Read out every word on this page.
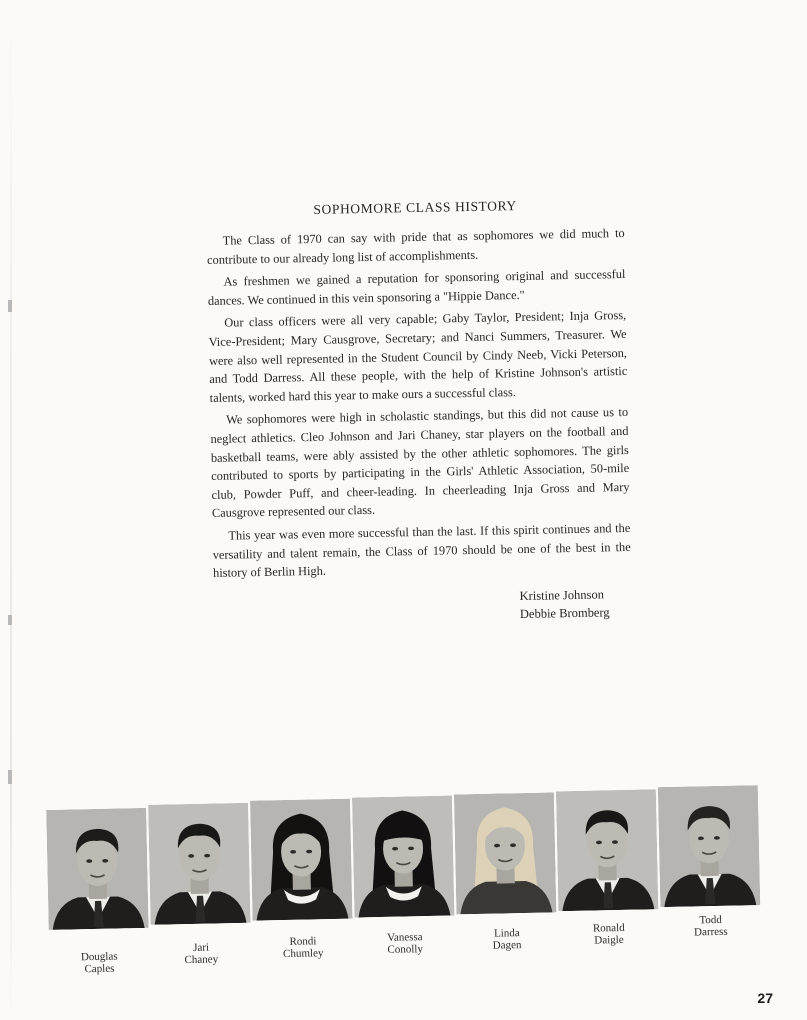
SOPHOMORE CLASS HISTORY

The Class of 1970 can say with pride that as sophomores we did much to contribute to our already long list of accomplishments.

As freshmen we gained a reputation for sponsoring original and successful dances. We continued in this vein sponsoring a "Hippie Dance."

Our class officers were all very capable; Gaby Taylor, President; Inja Gross, Vice-President; Mary Causgrove, Secretary; and Nanci Summers, Treasurer. We were also well represented in the Student Council by Cindy Neeb, Vicki Peterson, and Todd Darress. All these people, with the help of Kristine Johnson's artistic talents, worked hard this year to make ours a successful class.

We sophomores were high in scholastic standings, but this did not cause us to neglect athletics. Cleo Johnson and Jari Chaney, star players on the football and basketball teams, were ably assisted by the other athletic sophomores. The girls contributed to sports by participating in the Girls' Athletic Association, 50-mile club, Powder Puff, and cheer-leading. In cheerleading Inja Gross and Mary Causgrove represented our class.

This year was even more successful than the last. If this spirit continues and the versatility and talent remain, the Class of 1970 should be one of the best in the history of Berlin High.

Kristine Johnson
Debbie Bromberg
Douglas
Caples
Jari
Chaney
Rondi
Chumley
Vanessa
Conolly
Linda
Dagen
Ronald
Daigle
Todd
Darress
27
